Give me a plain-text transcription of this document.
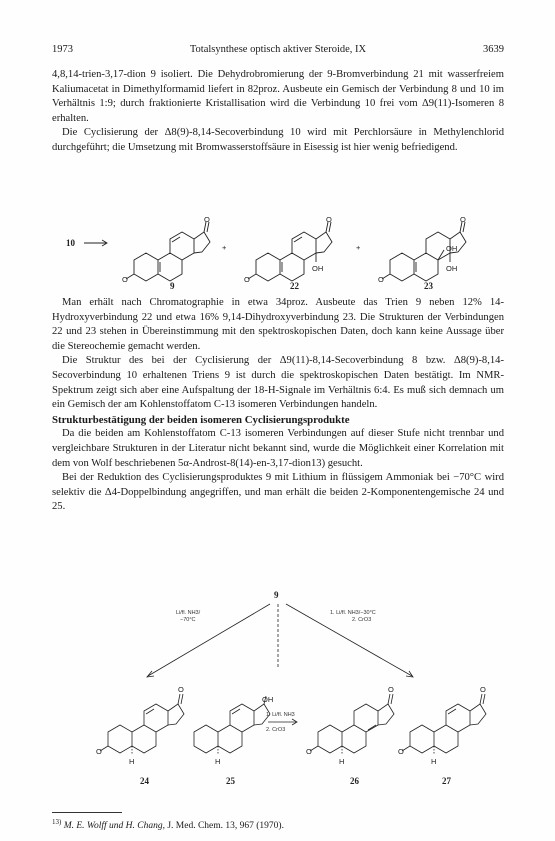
1973	Totalsynthese optisch aktiver Steroide, IX	3639

4,8,14-trien-3,17-dion 9 isoliert. Die Dehydrobromierung der 9-Bromverbindung 21 mit wasserfreiem Kaliumacetat in Dimethylformamid liefert in 82proz. Ausbeute ein Gemisch der Verbindung 8 und 10 im Verhältnis 1:9; durch fraktionierte Kristallisation wird die Verbindung 10 frei vom Δ9(11)-Isomeren 8 erhalten.

Die Cyclisierung der Δ8(9)-8,14-Secoverbindung 10 wird mit Perchlorsäure in Methylenchlorid durchgeführt; die Umsetzung mit Bromwasserstoffsäure in Eisessig ist hier wenig befriedigend.

10
O
O
O
O
OH
O
O
OH
OH
+	+
9	22	23

Man erhält nach Chromatographie in etwa 34proz. Ausbeute das Trien 9 neben 12% 14-Hydroxyverbindung 22 und etwa 16% 9,14-Dihydroxyverbindung 23. Die Strukturen der Verbindungen 22 und 23 stehen in Übereinstimmung mit den spektroskopischen Daten, doch kann keine Aussage über die Stereochemie gemacht werden.

Die Struktur des bei der Cyclisierung der Δ9(11)-8,14-Secoverbindung 8 bzw. Δ8(9)-8,14-Secoverbindung 10 erhaltenen Triens 9 ist durch die spektroskopischen Daten bestätigt. Im NMR-Spektrum zeigt sich aber eine Aufspaltung der 18-H-Signale im Verhältnis 6:4. Es muß sich demnach um ein Gemisch der am Kohlenstoffatom C-13 isomeren Verbindungen handeln.

Strukturbestätigung der beiden isomeren Cyclisierungsprodukte

Da die beiden am Kohlenstoffatom C-13 isomeren Verbindungen auf dieser Stufe nicht trennbar und vergleichbare Strukturen in der Literatur nicht bekannt sind, wurde die Möglichkeit einer Korrelation mit dem von Wolf beschriebenen 5α-Androst-8(14)-en-3,17-dion13) gesucht.

Bei der Reduktion des Cyclisierungsproduktes 9 mit Lithium in flüssigem Ammoniak bei −70°C wird selektiv die Δ4-Doppelbindung angegriffen, und man erhält die beiden 2-Komponentengemische 24 und 25.

Li/fl. NH3/
−70°C
1. Li/fl. NH3/−30°C
2. CrO3
1. Li/fl. NH3
2. CrO3
O
O
OH
O
O
O
O
H	H	H	H
9
24	25	26	27
$^{13)}$ M. E. Wolff und H. Chang, J. Med. Chem. 13, 967 (1970).
